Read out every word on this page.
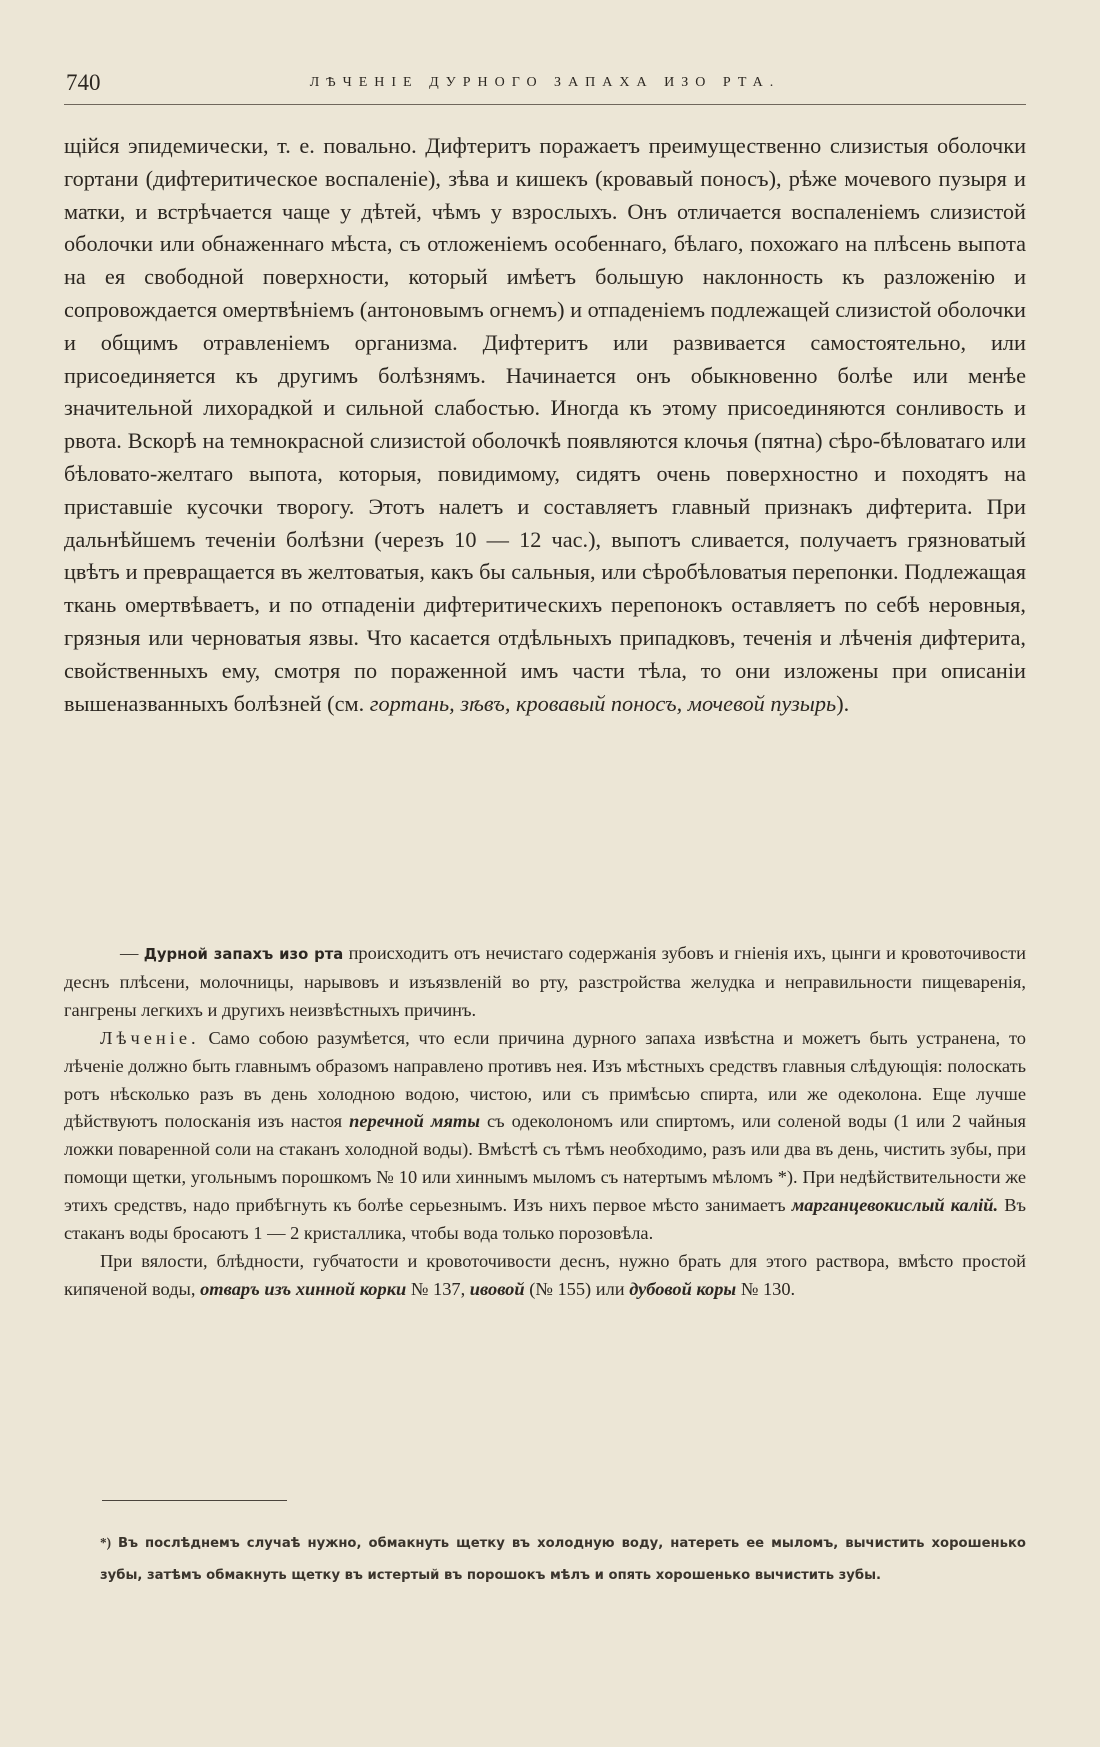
740	ЛѢЧЕНІЕ ДУРНОГО ЗАПАХА ИЗО РТА.

щійся эпидемически, т. е. повально. Дифтеритъ поражаетъ преимущественно слизистыя оболочки гортани (дифтеритическое воспаленіе), зѣва и кишекъ (кровавый поносъ), рѣже мочевого пузыря и матки, и встрѣчается чаще у дѣтей, чѣмъ у взрослыхъ. Онъ отличается воспаленіемъ слизистой оболочки или обнаженнаго мѣста, съ отложеніемъ особеннаго, бѣлаго, похожаго на плѣсень выпота на ея свободной поверхности, который имѣетъ большую наклонность къ разложенію и сопровождается омертвѣніемъ (антоновымъ огнемъ) и отпаденіемъ подлежащей слизистой оболочки и общимъ отравленіемъ организма. Дифтеритъ или развивается самостоятельно, или присоединяется къ другимъ болѣзнямъ. Начинается онъ обыкновенно болѣе или менѣе значительной лихорадкой и сильной слабостью. Иногда къ этому присоединяются сонливость и рвота. Вскорѣ на темнокрасной слизистой оболочкѣ появляются клочья (пятна) сѣро-бѣловатаго или бѣловато-желтаго выпота, которыя, повидимому, сидятъ очень поверхностно и походятъ на приставшіе кусочки творогу. Этотъ налетъ и составляетъ главный признакъ дифтерита. При дальнѣйшемъ теченіи болѣзни (черезъ 10 — 12 час.), выпотъ сливается, получаетъ грязноватый цвѣтъ и превращается въ желтоватыя, какъ бы сальныя, или сѣробѣловатыя перепонки. Подлежащая ткань омертвѣваетъ, и по отпаденіи дифтеритическихъ перепонокъ оставляетъ по себѣ неровныя, грязныя или черноватыя язвы. Что касается отдѣльныхъ припадковъ, теченія и лѣченія дифтерита, свойственныхъ ему, смотря по пораженной имъ части тѣла, то они изложены при описаніи вышеназванныхъ болѣзней (см. гортань, зѣвъ, кровавый поносъ, мочевой пузырь).

— Дурной запахъ изо рта происходитъ отъ нечистаго содержанія зубовъ и гніенія ихъ, цынги и кровоточивости деснъ плѣсени, молочницы, нарывовъ и изъязвленій во рту, разстройства желудка и неправильности пищеваренія, гангрены легкихъ и другихъ неизвѣстныхъ причинъ.

Лѣченіе. Само собою разумѣется, что если причина дурного запаха извѣстна и можетъ быть устранена, то лѣченіе должно быть главнымъ образомъ направлено противъ нея. Изъ мѣстныхъ средствъ главныя слѣдующія: полоскать ротъ нѣсколько разъ въ день холодною водою, чистою, или съ примѣсью спирта, или же одеколона. Еще лучше дѣйствуютъ полосканія изъ настоя перечной мяты съ одеколономъ или спиртомъ, или соленой воды (1 или 2 чайныя ложки поваренной соли на стаканъ холодной воды). Вмѣстѣ съ тѣмъ необходимо, разъ или два въ день, чистить зубы, при помощи щетки, угольнымъ порошкомъ № 10 или хиннымъ мыломъ съ натертымъ мѣломъ *). При недѣйствительности же этихъ средствъ, надо прибѣгнуть къ болѣе серьезнымъ. Изъ нихъ первое мѣсто занимаетъ марганцевокислый калій. Въ стаканъ воды бросаютъ 1 — 2 кристаллика, чтобы вода только порозовѣла.

При вялости, блѣдности, губчатости и кровоточивости деснъ, нужно брать для этого раствора, вмѣсто простой кипяченой воды, отваръ изъ хинной корки № 137, ивовой (№ 155) или дубовой коры № 130.

*) Въ послѣднемъ случаѣ нужно, обмакнуть щетку въ холодную воду, натереть ее мыломъ, вычистить хорошенько зубы, затѣмъ обмакнуть щетку въ истертый въ порошокъ мѣлъ и опять хорошенько вычистить зубы.
